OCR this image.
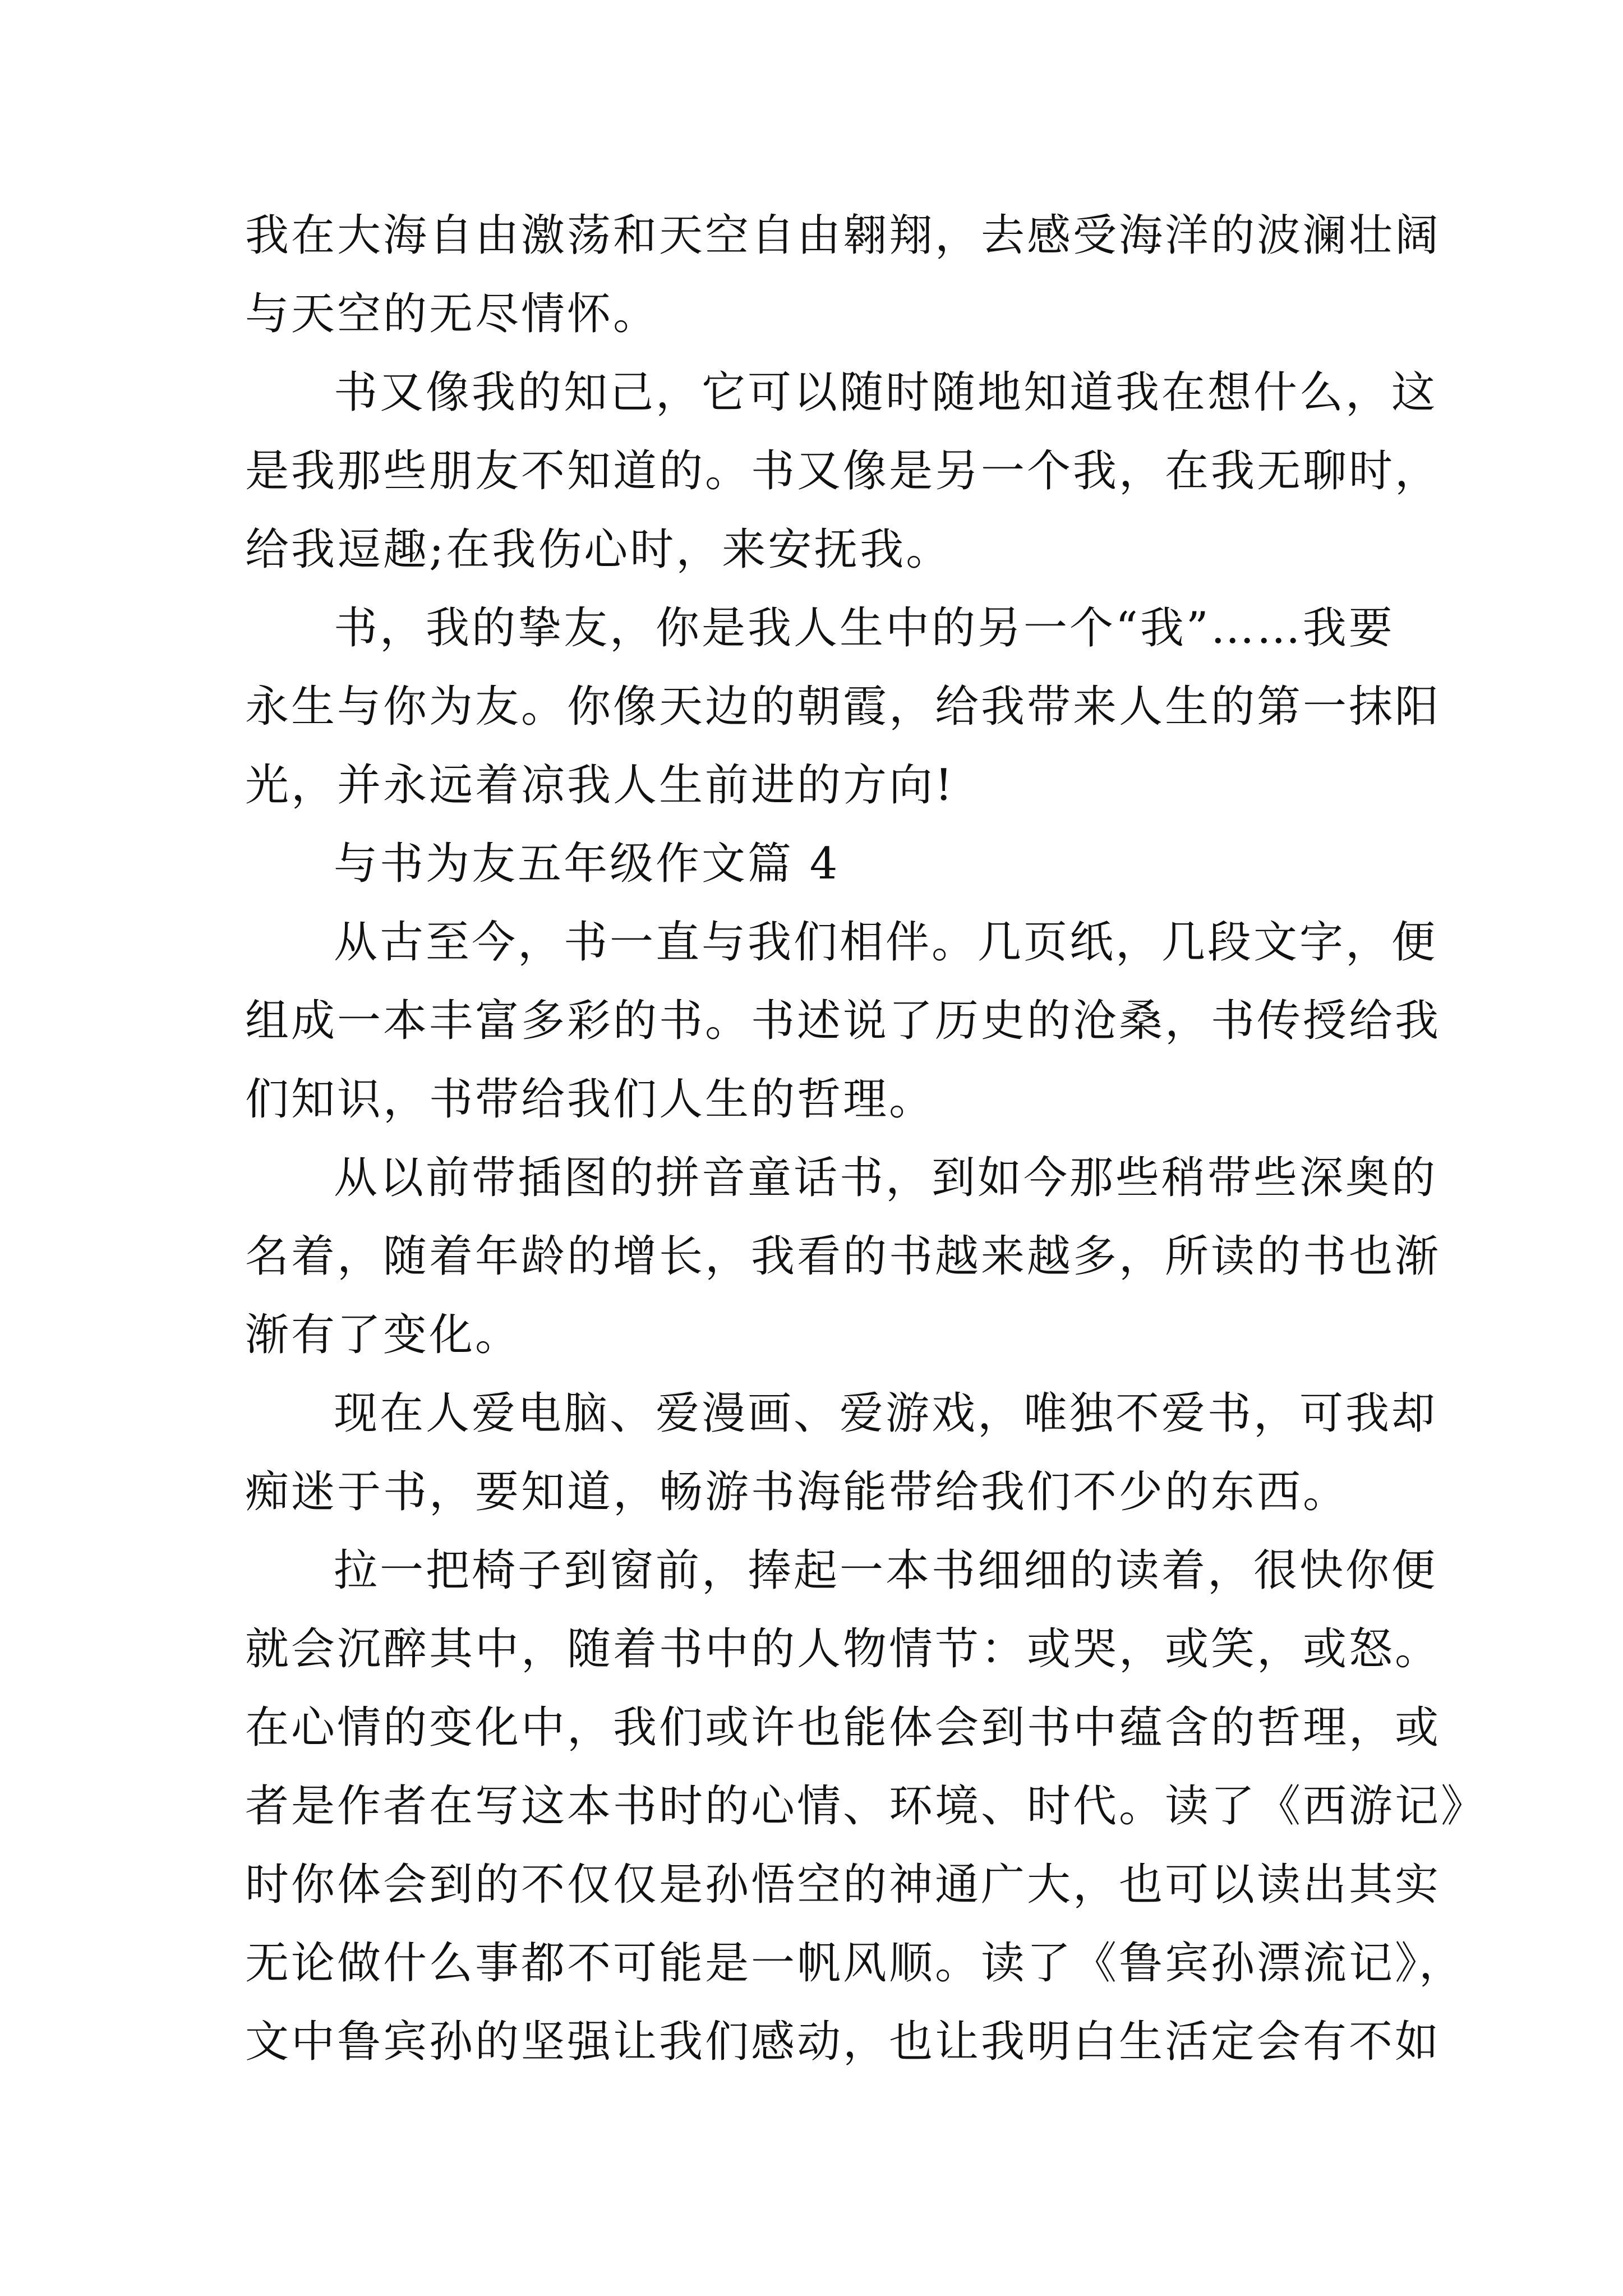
我在大海自由激荡和天空自由翱翔，去感受海洋的波澜壮阔
与天空的无尽情怀。
书又像我的知己，它可以随时随地知道我在想什么，这
是我那些朋友不知道的。书又像是另一个我，在我无聊时，
给我逗趣;在我伤心时，来安抚我。
书，我的挚友，你是我人生中的另一个“我”……我要
永生与你为友。你像天边的朝霞，给我带来人生的第一抹阳
光，并永远着凉我人生前进的方向!
与书为友五年级作文篇 4
从古至今，书一直与我们相伴。几页纸，几段文字，便
组成一本丰富多彩的书。书述说了历史的沧桑，书传授给我
们知识，书带给我们人生的哲理。
从以前带插图的拼音童话书，到如今那些稍带些深奥的
名着，随着年龄的增长，我看的书越来越多，所读的书也渐
渐有了变化。
现在人爱电脑、爱漫画、爱游戏，唯独不爱书，可我却
痴迷于书，要知道，畅游书海能带给我们不少的东西。
拉一把椅子到窗前，捧起一本书细细的读着，很快你便
就会沉醉其中，随着书中的人物情节：或哭，或笑，或怒。
在心情的变化中，我们或许也能体会到书中蕴含的哲理，或
者是作者在写这本书时的心情、环境、时代。读了《西游记》
时你体会到的不仅仅是孙悟空的神通广大，也可以读出其实
无论做什么事都不可能是一帆风顺。读了《鲁宾孙漂流记》，
文中鲁宾孙的坚强让我们感动，也让我明白生活定会有不如
